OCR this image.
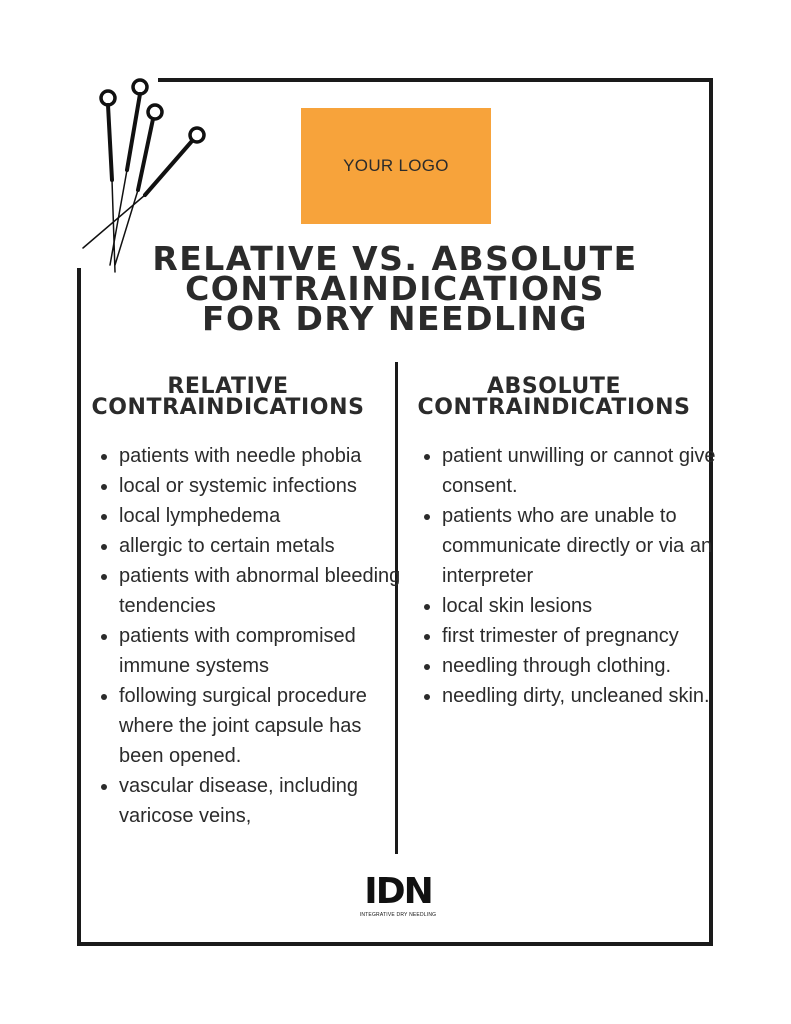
YOUR LOGO
RELATIVE VS. ABSOLUTE
CONTRAINDICATIONS
FOR DRY NEEDLING
RELATIVE
CONTRAINDICATIONS
ABSOLUTE
CONTRAINDICATIONS
• patients with needle phobia
• local or systemic infections
• local lymphedema
• allergic to certain metals
• patients with abnormal bleeding tendencies
• patients with compromised immune systems
• following surgical procedure where the joint capsule has been opened.
• vascular disease, including varicose veins,
• patient unwilling or cannot give consent.
• patients who are unable to communicate directly or via an interpreter
• local skin lesions
• first trimester of pregnancy
• needling through clothing.
• needling dirty, uncleaned skin.
IDN
INTEGRATIVE DRY NEEDLING
